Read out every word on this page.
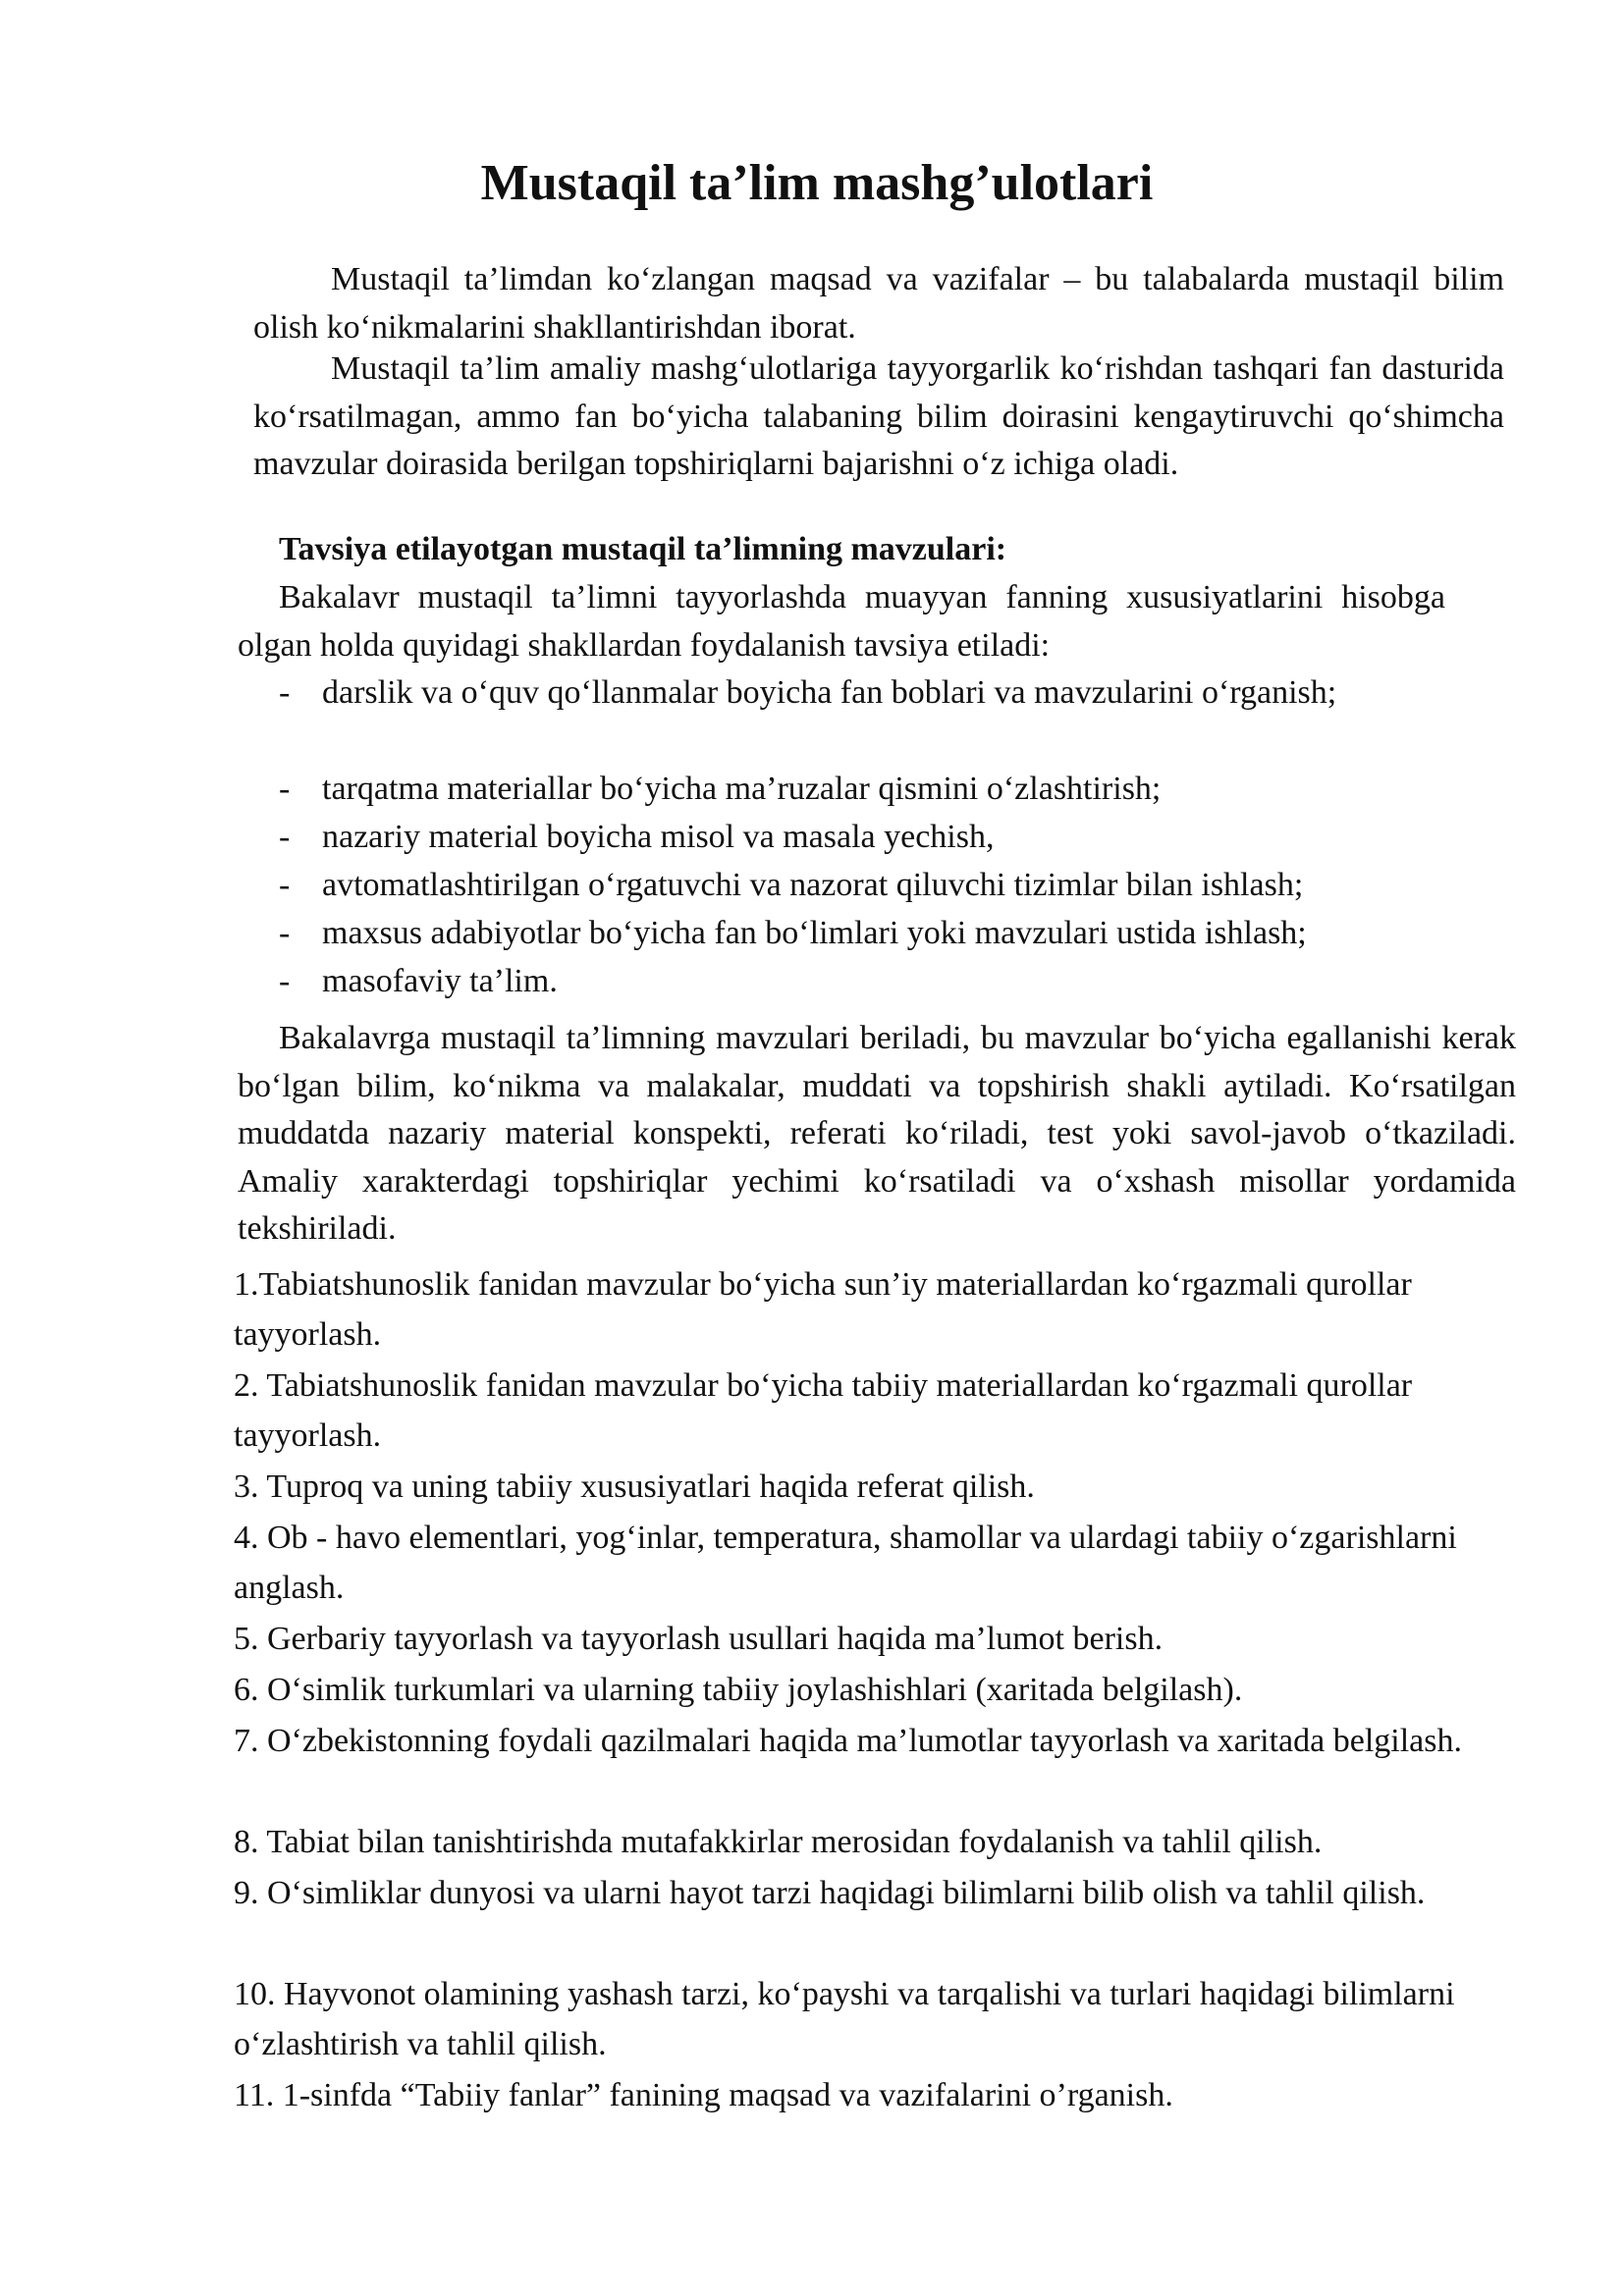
Mustaqil ta’lim mashg’ulotlari

Mustaqil ta’limdan ko‘zlangan maqsad va vazifalar – bu talabalarda mustaqil bilim olish ko‘nikmalarini shakllantirishdan iborat.

Mustaqil ta’lim amaliy mashg‘ulotlariga tayyorgarlik ko‘rishdan tashqari fan dasturida ko‘rsatilmagan, ammo fan bo‘yicha talabaning bilim doirasini kengaytiruvchi qo‘shimcha mavzular doirasida berilgan topshiriqlarni bajarishni o‘z ichiga oladi.

Tavsiya etilayotgan mustaqil ta’limning mavzulari:

Bakalavr mustaqil ta’limni tayyorlashda muayyan fanning xususiyatlarini hisobga olgan holda quyidagi shakllardan foydalanish tavsiya etiladi:

- darslik va o‘quv qo‘llanmalar boyicha fan boblari va mavzularini o‘rganish;
- tarqatma materiallar bo‘yicha ma’ruzalar qismini o‘zlashtirish;
- nazariy material boyicha misol va masala yechish,
- avtomatlashtirilgan o‘rgatuvchi va nazorat qiluvchi tizimlar bilan ishlash;
- maxsus adabiyotlar bo‘yicha fan bo‘limlari yoki mavzulari ustida ishlash;
- masofaviy ta’lim.

Bakalavrga mustaqil ta’limning mavzulari beriladi, bu mavzular bo‘yicha egallanishi kerak bo‘lgan bilim, ko‘nikma va malakalar, muddati va topshirish shakli aytiladi. Ko‘rsatilgan muddatda nazariy material konspekti, referati ko‘riladi, test yoki savol-javob o‘tkaziladi. Amaliy xarakterdagi topshiriqlar yechimi ko‘rsatiladi va o‘xshash misollar yordamida tekshiriladi.

1.Tabiatshunoslik fanidan mavzular bo‘yicha sun’iy materiallardan ko‘rgazmali qurollar tayyorlash.

2. Tabiatshunoslik fanidan mavzular bo‘yicha tabiiy materiallardan ko‘rgazmali qurollar tayyorlash.

3. Tuproq va uning tabiiy xususiyatlari haqida referat qilish.

4. Ob - havo elementlari, yog‘inlar, temperatura, shamollar va ulardagi tabiiy o‘zgarishlarni anglash.

5. Gerbariy tayyorlash va tayyorlash usullari haqida ma’lumot berish.

6. O‘simlik turkumlari va ularning tabiiy joylashishlari (xaritada belgilash).

7. O‘zbekistonning foydali qazilmalari haqida ma’lumotlar tayyorlash va xaritada belgilash.

8. Tabiat bilan tanishtirishda mutafakkirlar merosidan foydalanish va tahlil qilish.

9. O‘simliklar dunyosi va ularni hayot tarzi haqidagi bilimlarni bilib olish va tahlil qilish.

10. Hayvonot olamining yashash tarzi, ko‘payshi va tarqalishi va turlari haqidagi bilimlarni o‘zlashtirish va tahlil qilish.

11. 1-sinfda “Tabiiy fanlar” fanining maqsad va vazifalarini o’rganish.
